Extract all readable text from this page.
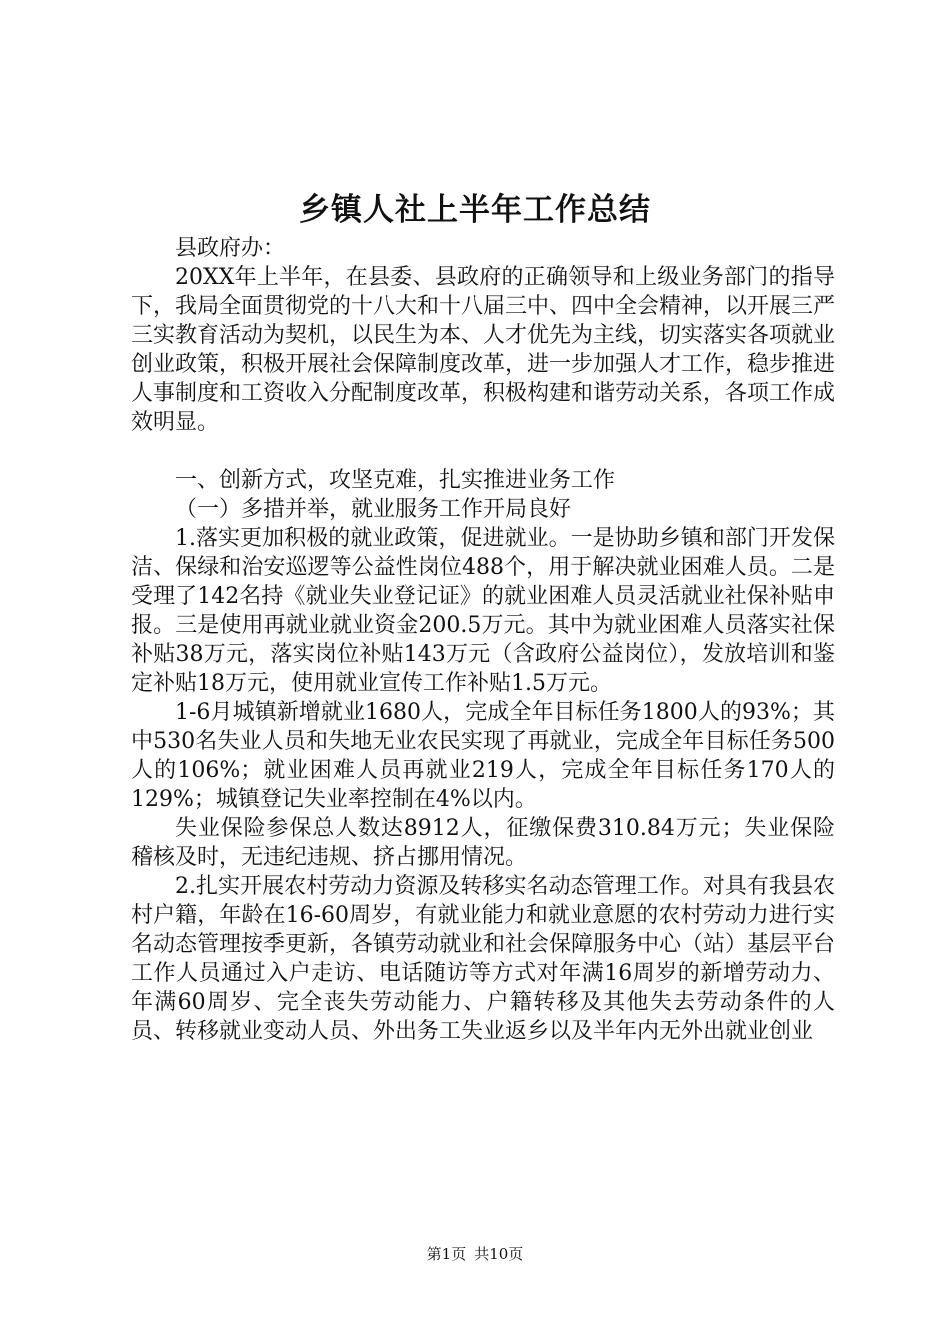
乡镇人社上半年工作总结

县政府办：

20XX年上半年，在县委、县政府的正确领导和上级业务部门的指导下，我局全面贯彻党的十八大和十八届三中、四中全会精神，以开展三严三实教育活动为契机，以民生为本、人才优先为主线，切实落实各项就业创业政策，积极开展社会保障制度改革，进一步加强人才工作，稳步推进人事制度和工资收入分配制度改革，积极构建和谐劳动关系，各项工作成效明显。

一、创新方式，攻坚克难，扎实推进业务工作

（一）多措并举，就业服务工作开局良好

1.落实更加积极的就业政策，促进就业。一是协助乡镇和部门开发保洁、保绿和治安巡逻等公益性岗位488个，用于解决就业困难人员。二是受理了142名持《就业失业登记证》的就业困难人员灵活就业社保补贴申报。三是使用再就业就业资金200.5万元。其中为就业困难人员落实社保补贴38万元，落实岗位补贴143万元（含政府公益岗位），发放培训和鉴定补贴18万元，使用就业宣传工作补贴1.5万元。

1-6月城镇新增就业1680人，完成全年目标任务1800人的93%；其中530名失业人员和失地无业农民实现了再就业，完成全年目标任务500人的106%；就业困难人员再就业219人，完成全年目标任务170人的129%；城镇登记失业率控制在4%以内。

失业保险参保总人数达8912人，征缴保费310.84万元；失业保险稽核及时，无违纪违规、挤占挪用情况。

2.扎实开展农村劳动力资源及转移实名动态管理工作。对具有我县农村户籍，年龄在16-60周岁，有就业能力和就业意愿的农村劳动力进行实名动态管理按季更新，各镇劳动就业和社会保障服务中心（站）基层平台工作人员通过入户走访、电话随访等方式对年满16周岁的新增劳动力、年满60周岁、完全丧失劳动能力、户籍转移及其他失去劳动条件的人员、转移就业变动人员、外出务工失业返乡以及半年内无外出就业创业

第1页 共10页
